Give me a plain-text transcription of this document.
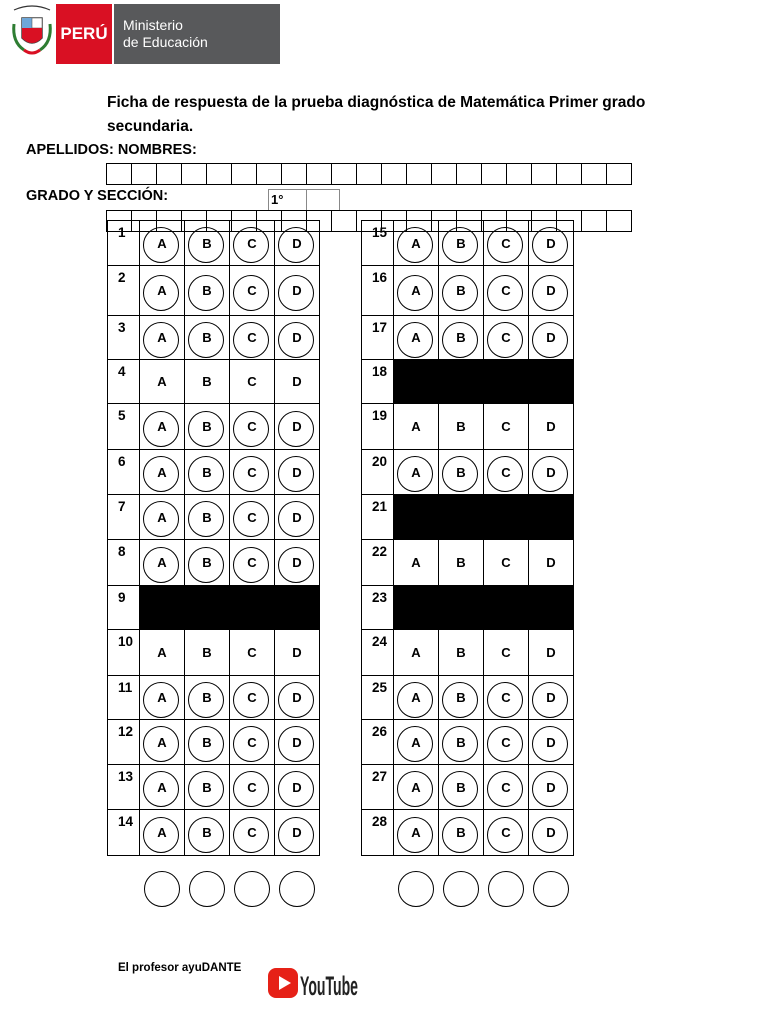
PERÚ	Ministerio
de Educación
Ficha de respuesta de la prueba diagnóstica de Matemática Primer grado secundaria.
APELLIDOS: NOMBRES:
GRADO Y SECCIÓN:	1°
1	A	B	C	D

2	A	B	C	D

3	A	B	C	D

4	A	B	C	D

5	A	B	C	D

6	A	B	C	D

7	A	B	C	D

8	A	B	C	D

9

10	A	B	C	D

11	A	B	C	D

12	A	B	C	D

13	A	B	C	D

14	A	B	C	D
15	A	B	C	D

16	A	B	C	D

17	A	B	C	D

18

19	A	B	C	D

20	A	B	C	D

21

22	A	B	C	D

23

24	A	B	C	D

25	A	B	C	D

26	A	B	C	D

27	A	B	C	D

28	A	B	C	D
El profesor ayuDANTE
YouTube
